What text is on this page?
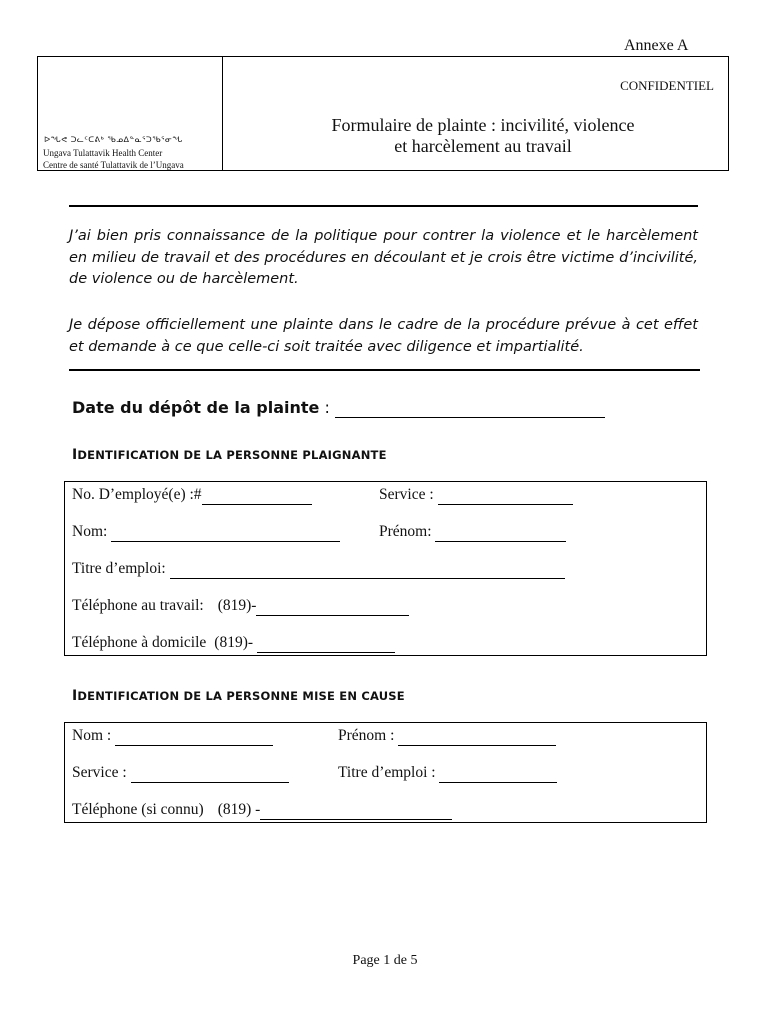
Annexe A
ᐅᖓᕙ ᑐᓚᑦᑕᕕᒃ ᖃᓄᐃᓐᓇᕐᑐᖃᕐᓂᖓ
Ungava Tulattavik Health Center
Centre de santé Tulattavik de l’Ungava
CONFIDENTIEL
Formulaire de plainte : incivilité, violence
et harcèlement au travail
J’ai bien pris connaissance de la politique pour contrer la violence et le harcèlement en milieu de travail et des procédures en découlant et je crois être victime d’incivilité, de violence ou de harcèlement.
Je dépose officiellement une plainte dans le cadre de la procédure prévue à cet effet et demande à ce que celle-ci soit traitée avec diligence et impartialité.
Date du dépôt de la plainte :
IDENTIFICATION DE LA PERSONNE PLAIGNANTE
No. D’employé(e) :#	Service :
Nom:	Prénom:
Titre d’emploi:
Téléphone au travail: (819)-
Téléphone à domicile (819)-
IDENTIFICATION DE LA PERSONNE MISE EN CAUSE
Nom :	Prénom :
Service :	Titre d’emploi :
Téléphone (si connu) (819) -
Page 1 de 5
